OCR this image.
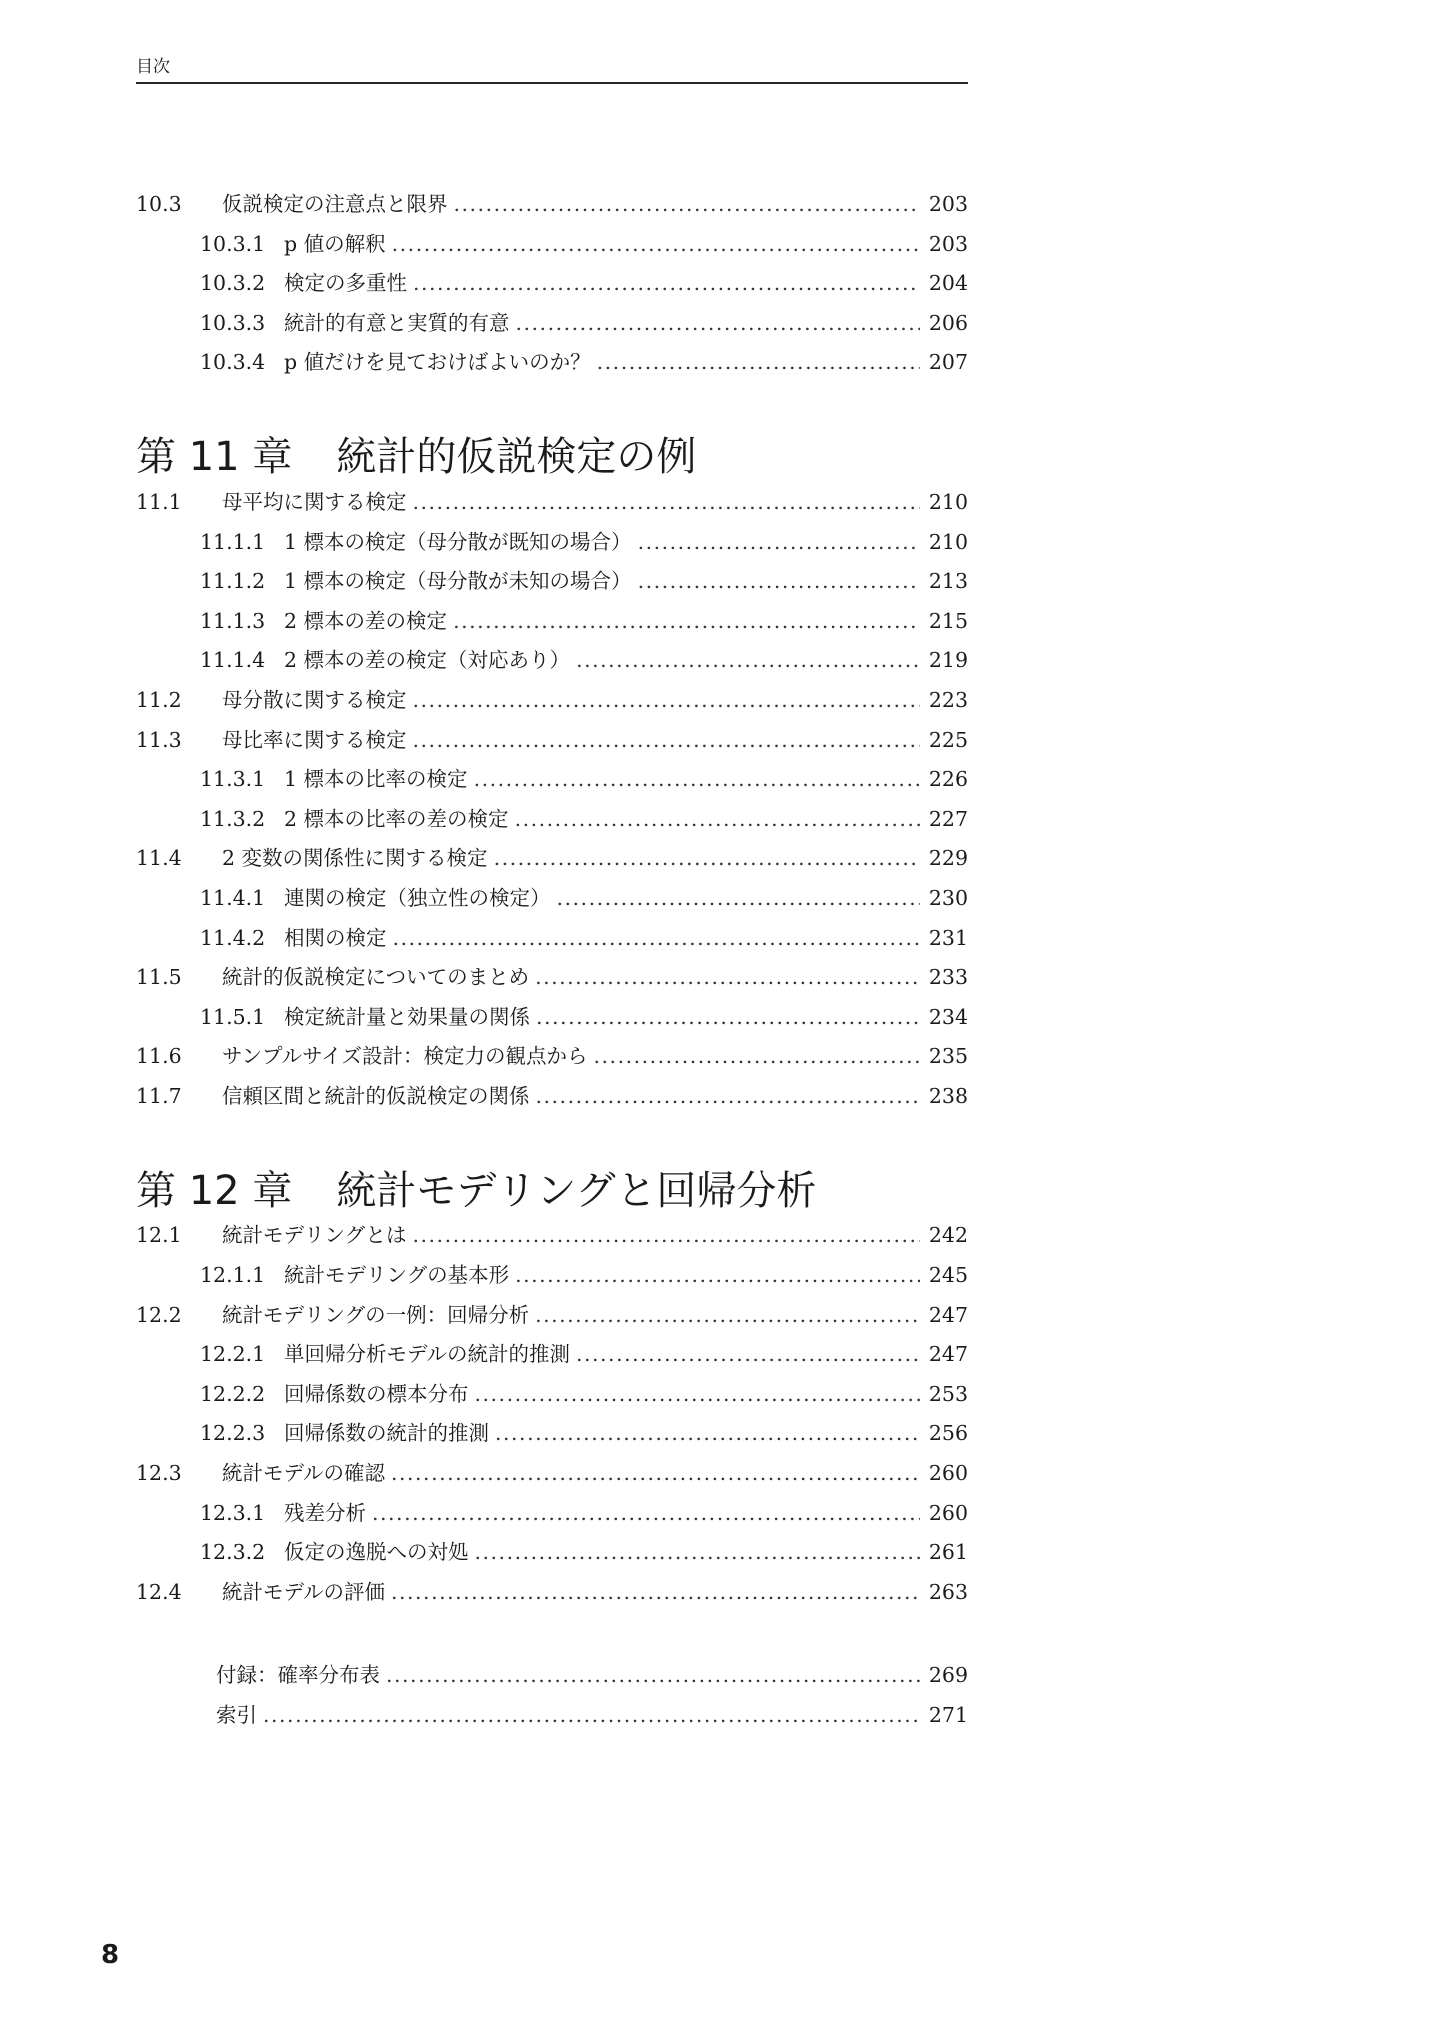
目次
10.3	仮説検定の注意点と限界 .....	203
10.3.1 p 値の解釈 .....	203
10.3.2 検定の多重性 .....	204
10.3.3 統計的有意と実質的有意 .....	206
10.3.4 p 値だけを見ておけばよいのか？ .....	207
第 11 章 統計的仮説検定の例
11.1	母平均に関する検定 .....	210
11.1.1 1 標本の検定（母分散が既知の場合） .....	210
11.1.2 1 標本の検定（母分散が未知の場合） .....	213
11.1.3 2 標本の差の検定 .....	215
11.1.4 2 標本の差の検定（対応あり） .....	219
11.2	母分散に関する検定 .....	223
11.3	母比率に関する検定 .....	225
11.3.1 1 標本の比率の検定 .....	226
11.3.2 2 標本の比率の差の検定 .....	227
11.4	2 変数の関係性に関する検定 .....	229
11.4.1 連関の検定（独立性の検定） .....	230
11.4.2 相関の検定 .....	231
11.5	統計的仮説検定についてのまとめ .....	233
11.5.1 検定統計量と効果量の関係 .....	234
11.6	サンプルサイズ設計：検定力の観点から .....	235
11.7	信頼区間と統計的仮説検定の関係 .....	238
第 12 章 統計モデリングと回帰分析
12.1	統計モデリングとは .....	242
12.1.1 統計モデリングの基本形 .....	245
12.2	統計モデリングの一例：回帰分析 .....	247
12.2.1 単回帰分析モデルの統計的推測 .....	247
12.2.2 回帰係数の標本分布 .....	253
12.2.3 回帰係数の統計的推測 .....	256
12.3	統計モデルの確認 .....	260
12.3.1 残差分析 .....	260
12.3.2 仮定の逸脱への対処 .....	261
12.4	統計モデルの評価 .....	263
付録：確率分布表 .....	269
索引 .....	271
8
